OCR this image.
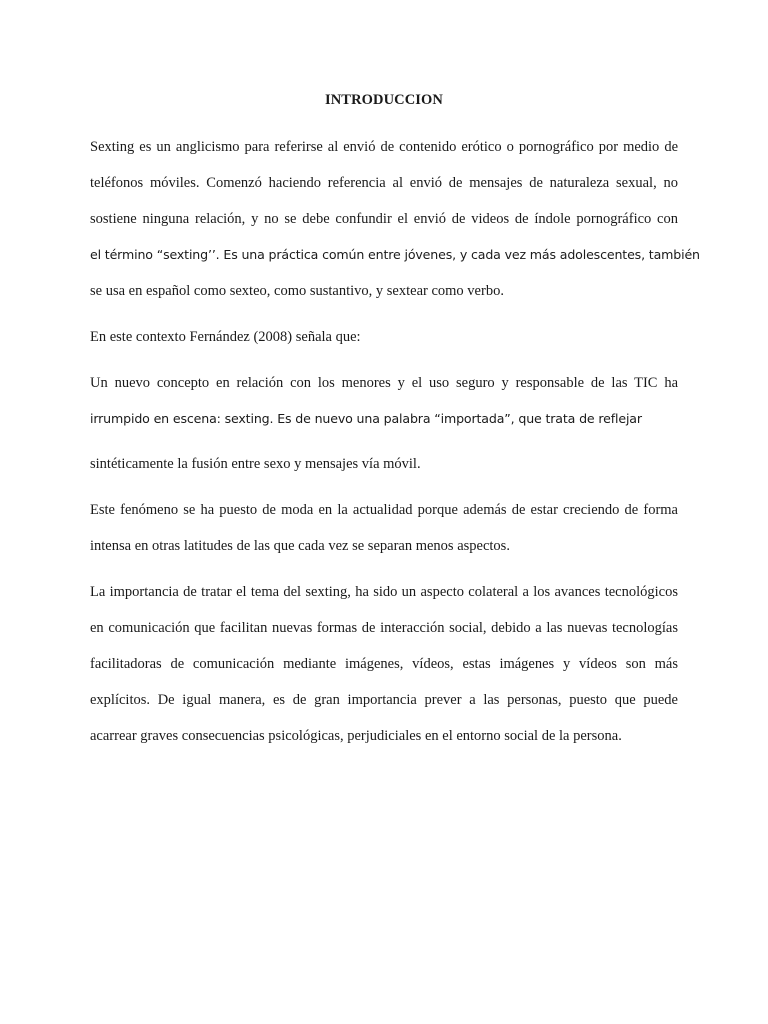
INTRODUCCION
Sexting es un anglicismo para referirse al envió de contenido erótico o pornográfico por medio de
teléfonos móviles. Comenzó haciendo referencia al envió de mensajes de naturaleza sexual, no
sostiene ninguna relación, y no se debe confundir el envió de videos de índole pornográfico con
el término “sexting’’. Es una práctica común entre jóvenes, y cada vez más adolescentes, también
se usa en español como sexteo, como sustantivo, y sextear como verbo.
En este contexto Fernández (2008) señala que:
Un nuevo concepto en relación con los menores y el uso seguro y responsable de las TIC ha
irrumpido en escena: sexting. Es de nuevo una palabra “importada”, que trata de reflejar
sintéticamente la fusión entre sexo y mensajes vía móvil.
Este fenómeno se ha puesto de moda en la actualidad porque además de estar creciendo de forma
intensa en otras latitudes de las que cada vez se separan menos aspectos.
La importancia de tratar el tema del sexting, ha sido un aspecto colateral a los avances tecnológicos
en comunicación que facilitan nuevas formas de interacción social, debido a las nuevas tecnologías
facilitadoras de comunicación mediante imágenes, vídeos, estas imágenes y vídeos son más
explícitos. De igual manera, es de gran importancia prever a las personas, puesto que puede
acarrear graves consecuencias psicológicas, perjudiciales en el entorno social de la persona.
